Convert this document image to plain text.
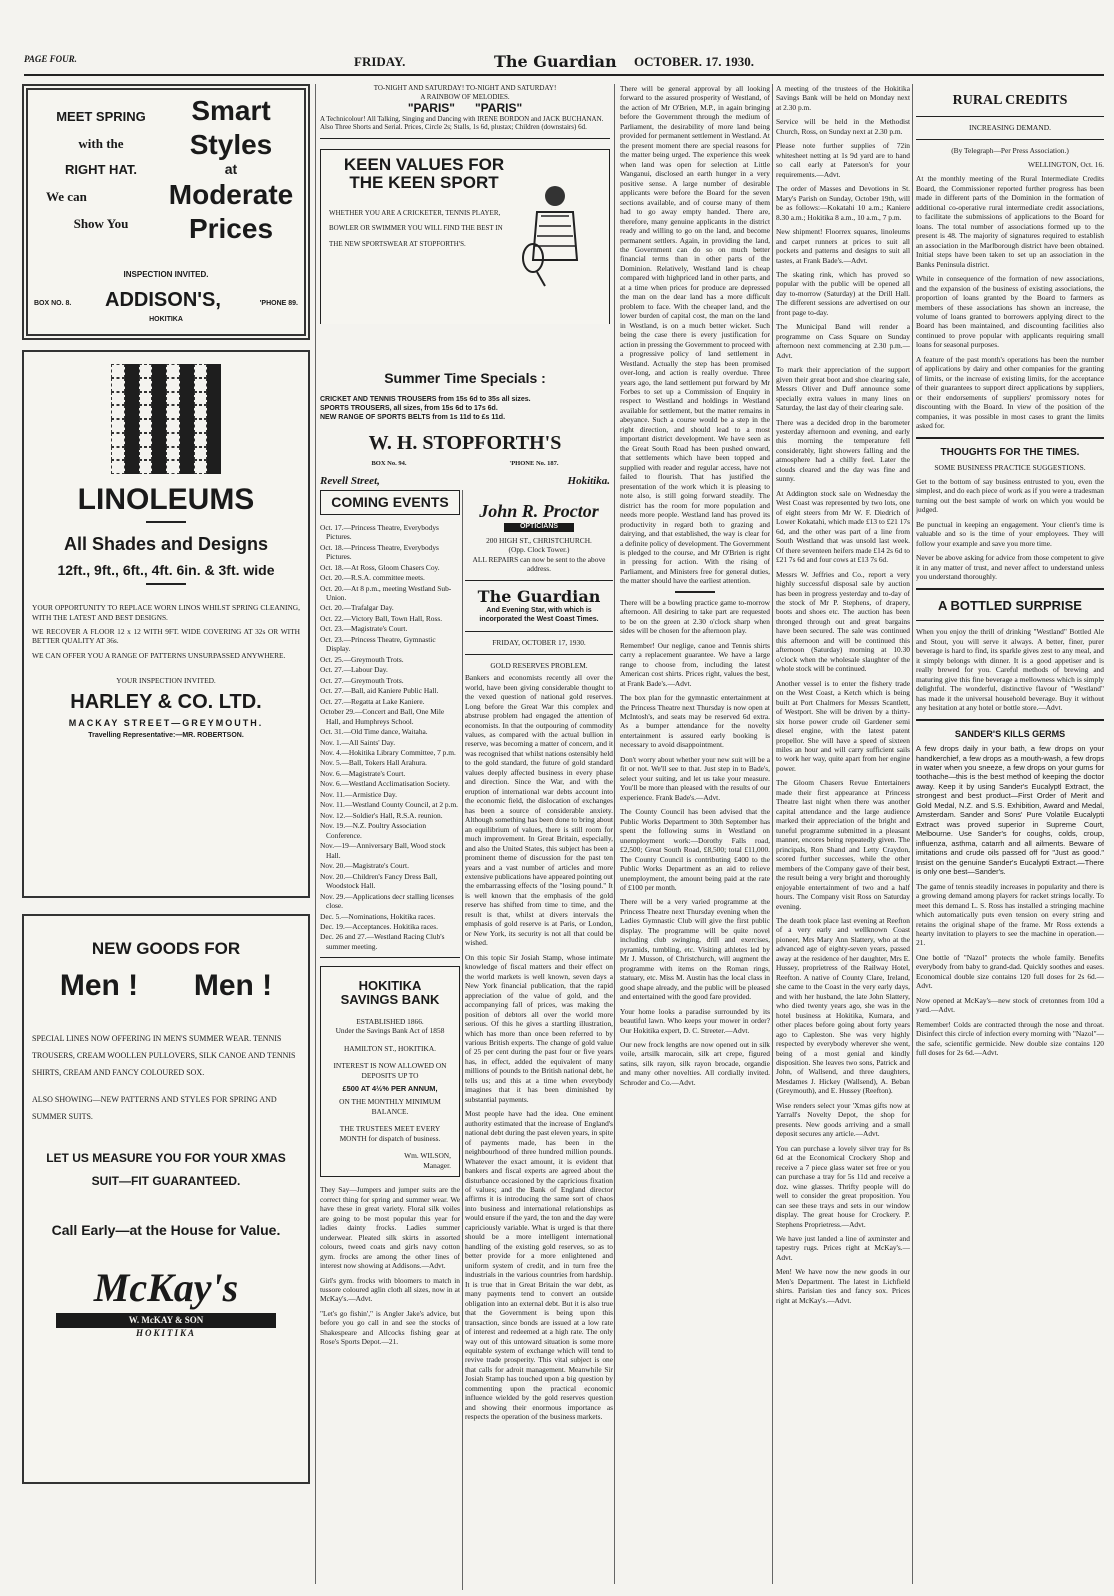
PAGE FOUR.	FRIDAY.	The Guardian OCTOBER. 17. 1930.
MEET SPRING
with the
RIGHT HAT.
We can
Show You
Smart
Styles
at
Moderate
Prices
INSPECTION INVITED.
BOX NO. 8.	ADDISON'S,	'PHONE 89.
HOKITIKA
LINOLEUMS
All Shades and Designs
12ft., 9ft., 6ft., 4ft. 6in. & 3ft. wide

YOUR OPPORTUNITY TO REPLACE WORN LINOS WHILST SPRING CLEANING, WITH THE LATEST AND BEST DESIGNS.

WE RECOVER A FLOOR 12 x 12 WITH 9FT. WIDE COVERING AT 32s OR WITH BETTER QUALITY AT 36s.

WE CAN OFFER YOU A RANGE OF PATTERNS UNSURPASSED ANYWHERE.

YOUR INSPECTION INVITED.

HARLEY & CO. LTD.
MACKAY STREET—GREYMOUTH.
Travelling Representative:—MR. ROBERTSON.
NEW GOODS FOR
Men ! Men !

SPECIAL LINES NOW OFFERING IN MEN'S SUMMER WEAR. TENNIS TROUSERS, CREAM WOOLLEN PULLOVERS, SILK CANOE AND TENNIS SHIRTS, CREAM AND FANCY COLOURED SOX.

ALSO SHOWING—NEW PATTERNS AND STYLES FOR SPRING AND SUMMER SUITS.

LET US MEASURE YOU FOR YOUR XMAS SUIT—FIT GUARANTEED.
Call Early—at the House for Value.
McKay's
W. McKAY & SON
HOKITIKA
TO-NIGHT AND SATURDAY! TO-NIGHT AND SATURDAY!
A RAINBOW OF MELODIES.
"PARIS"      "PARIS"

A Technicolour! All Talking, Singing and Dancing with IRENE BORDON and JACK BUCHANAN. Also Three Shorts and Serial. Prices, Circle 2s; Stalls, 1s 6d, plustax; Children (downstairs) 6d.

KEEN VALUES FOR THE KEEN SPORT

WHETHER YOU ARE A CRICKETER, TENNIS PLAYER, BOWLER OR SWIMMER YOU WILL FIND THE BEST IN THE NEW SPORTSWEAR AT STOPFORTH'S.

Summer Time Specials :
CRICKET AND TENNIS TROUSERS from 15s 6d to 35s all sizes.
SPORTS TROUSERS, all sizes, from 15s 6d to 17s 6d.
NEW RANGE OF SPORTS BELTS from 1s 11d to £s 11d.
W. H. STOPFORTH'S
BOX No. 94.	'PHONE No. 187.
Revell Street,	Hokitika.
COMING EVENTS

Oct. 17.—Princess Theatre, Everybodys Pictures.

Oct. 18.—Princess Theatre, Everybodys Pictures.

Oct. 18.—At Ross, Gloom Chasers Coy.

Oct. 20.—R.S.A. committee meets.

Oct. 20.—At 8 p.m., meeting Westland Sub-Union.

Oct. 20.—Trafalgar Day.

Oct. 22.—Victory Ball, Town Hall, Ross.

Oct. 23.—Magistrate's Court.

Oct. 23.—Princess Theatre, Gymnastic Display.

Oct. 25.—Greymouth Trots.

Oct. 27.—Labour Day.

Oct. 27.—Greymouth Trots.

Oct. 27.—Ball, aid Kaniere Public Hall.

Oct. 27.—Regatta at Lake Kaniere.

October 29.—Concert and Ball, One Mile Hall, and Humphreys School.

Oct. 31.—Old Time dance, Waitaha.

Nov. 1.—All Saints' Day.

Nov. 4.—Hokitika Library Committee, 7 p.m.

Nov. 5.—Ball, Tokers Hall Arahura.

Nov. 6.—Magistrate's Court.

Nov. 6.—Westland Acclimatisation Society.

Nov. 11.—Armistice Day.

Nov. 11.—Westland County Council, at 2 p.m.

Nov. 12.—Soldier's Hall, R.S.A. reunion.

Nov. 19.—N.Z. Poultry Association Conference.

Nov.—19—Anniversary Ball, Wood stock Hall.

Nov. 20.—Magistrate's Court.

Nov. 20.—Children's Fancy Dress Ball, Woodstock Hall.

Nov. 29.—Applications decr stalling licenses close.

Dec. 5.—Nominations, Hokitika races.

Dec. 19.—Acceptances. Hokitika races.

Dec. 26 and 27.—Westland Racing Club's summer meeting.

HOKITIKA
SAVINGS BANK
ESTABLISHED 1866.
Under the Savings Bank Act of 1858
HAMILTON ST., HOKITIKA.
INTEREST IS NOW ALLOWED ON DEPOSITS UP TO
£500 AT 4½% PER ANNUM,
ON THE MONTHLY MINIMUM BALANCE.
THE TRUSTEES MEET EVERY MONTH for dispatch of business.
Wm. WILSON,
Manager.

They Say—Jumpers and jumper suits are the correct thing for spring and summer wear. We have these in great variety. Floral silk voiles are going to be most popular this year for ladies dainty frocks. Ladies summer underwear. Pleated silk skirts in assorted colours, tweed coats and girls navy cotton gym. frocks are among the other lines of interest now showing at Addisons.—Advt.

Girl's gym. frocks with bloomers to match in tussore coloured aglin cloth all sizes, now in at McKay's.—Advt.

"Let's go fishin'," is Angler Jake's advice, but before you go call in and see the stocks of Shakespeare and Allcocks fishing gear at Rose's Sports Depot.—21.

John R. Proctor
OPTICIANS
200 HIGH ST., CHRISTCHURCH.
(Opp. Clock Tower.)

ALL REPAIRS can now be sent to the above address.

The Guardian
And Evening Star, with which is incorporated the West Coast Times.
FRIDAY, OCTOBER 17, 1930.
GOLD RESERVES PROBLEM.

Bankers and economists recently all over the world, have been giving considerable thought to the vexed question of national gold reserves. Long before the Great War this complex and abstruse problem had engaged the attention of economists. In that the outpouring of commodity values, as compared with the actual bullion in reserve, was becoming a matter of concern, and it was recognised that whilst nations ostensibly held to the gold standard, the future of gold standard values deeply affected business in every phase and direction. Since the War, and with the eruption of international war debts account into the economic field, the dislocation of exchanges has been a source of considerable anxiety. Although something has been done to bring about an equilibrium of values, there is still room for much improvement. In Great Britain, especially, and also the United States, this subject has been a prominent theme of discussion for the past ten years and a vast number of articles and more extensive publications have appeared pointing out the embarrassing effects of the "losing pound." It is well known that the emphasis of the gold reserve has shifted from time to time, and the result is that, whilst at divers intervals the emphasis of gold reserve is at Paris, or London, or New York, its security is not all that could be wished.

On this topic Sir Josiah Stamp, whose intimate knowledge of fiscal matters and their effect on the world markets is well known, seven days a New York financial publication, that the rapid appreciation of the value of gold, and the accompanying fall of prices, was making the position of debtors all over the world more serious. Of this he gives a startling illustration, which has more than once been referred to by various British experts. The change of gold value of 25 per cent during the past four or five years has, in effect, added the equivalent of many millions of pounds to the British national debt, he tells us; and this at a time when everybody imagines that it has been diminished by substantial payments.

Most people have had the idea. One eminent authority estimated that the increase of England's national debt during the past eleven years, in spite of payments made, has been in the neighbourhood of three hundred million pounds. Whatever the exact amount, it is evident that bankers and fiscal experts are agreed about the disturbance occasioned by the capricious fixation of values; and the Bank of England director affirms it is introducing the same sort of chaos into business and international relationships as would ensure if the yard, the ton and the day were capriciously variable. What is urged is that there should be a more intelligent international handling of the existing gold reserves, so as to better provide for a more enlightened and uniform system of credit, and in turn free the industrials in the various countries from hardship. It is true that in Great Britain the war debt, as many payments tend to convert an outside obligation into an external debt. But it is also true that the Government is being upon this transaction, since bonds are issued at a low rate of interest and redeemed at a high rate. The only way out of this untoward situation is some more equitable system of exchange which will tend to revive trade prosperity. This vital subject is one that calls for adroit management. Meanwhile Sir Josiah Stamp has touched upon a big question by commenting upon the practical economic influence wielded by the gold reserves question and showing their enormous importance as respects the operation of the business markets.

There will be general approval by all looking forward to the assured prosperity of Westland, of the action of Mr O'Brien, M.P., in again bringing before the Government through the medium of Parliament, the desirability of more land being provided for permanent settlement in Westland. At the present moment there are special reasons for the matter being urged. The experience this week when land was open for selection at Little Wanganui, disclosed an earth hunger in a very positive sense. A large number of desirable applicants were before the Board for the seven sections available, and of course many of them had to go away empty handed. There are, therefore, many genuine applicants in the district ready and willing to go on the land, and become permanent settlers. Again, in providing the land, the Government can do so on much better financial terms than in other parts of the Dominion. Relatively, Westland land is cheap compared with highpriced land in other parts, and at a time when prices for produce are depressed the man on the dear land has a more difficult problem to face. With the cheaper land, and the lower burden of capital cost, the man on the land in Westland, is on a much better wicket. Such being the case there is every justification for action in pressing the Government to proceed with a progressive policy of land settlement in Westland. Actually the step has been promised over-long, and action is really overdue. Three years ago, the land settlement put forward by Mr Forbes to set up a Commission of Enquiry in respect to Westland and holdings in Westland available for settlement, but the matter remains in abeyance. Such a course would be a step in the right direction, and should lead to a most important district development. We have seen as the Great South Road has been pushed onward, that settlements which have been topped and supplied with reader and regular access, have not failed to flourish. That has justified the presentation of the work which it is pleasing to note also, is still going forward steadily. The district has the room for more population and needs more people. Westland land has proved its productivity in regard both to grazing and dairying, and that established, the way is clear for a definite policy of development. The Government is pledged to the course, and Mr O'Brien is right in pressing for action. With the rising of Parliament, and Ministers free for general duties, the matter should have the earliest attention.

There will be a bowling practice game to-morrow afternoon. All desiring to take part are requested to be on the green at 2.30 o'clock sharp when sides will be chosen for the afternoon play.

Remember! Our neglige, canoe and Tennis shirts carry a replacement guarantee. We have a large range to choose from, including the latest American cost shirts. Prices right, values the best, at Frank Bade's.—Advt.

The box plan for the gymnastic entertainment at the Princess Theatre next Thursday is now open at McIntosh's, and seats may be reserved 6d extra. As a bumper attendance for the novelty entertainment is assured early booking is necessary to avoid disappointment.

Don't worry about whether your new suit will be a fit or not. We'll see to that. Just step in to Bade's, select your suiting, and let us take your measure. You'll be more than pleased with the results of our experience. Frank Bade's.—Advt.

The County Council has been advised that the Public Works Department to 30th September has spent the following sums in Westland on unemployment work:—Dorothy Falls road, £2,500; Great South Road, £8,500; total £11,000. The County Council is contributing £400 to the Public Works Department as an aid to relieve unemployment, the amount being paid at the rate of £100 per month.

There will be a very varied programme at the Princess Theatre next Thursday evening when the Ladies Gymnastic Club will give the first public display. The programme will be quite novel including club swinging, drill and exercises, pyramids, tumbling, etc. Visiting athletes led by Mr J. Musson, of Christchurch, will augment the programme with items on the Roman rings, statuary, etc. Miss M. Austin has the local class in good shape already, and the public will be pleased and entertained with the good fare provided.

Your home looks a paradise surrounded by its beautiful lawn. Who keeps your mower in order? Our Hokitika expert, D. C. Streeter.—Advt.

Our new frock lengths are now opened out in silk voile, artsilk marocain, silk art crepe, figured satins, silk rayon, silk rayon brocade, organdie and many other novelties. All cordially invited. Schroder and Co.—Advt.

A meeting of the trustees of the Hokitika Savings Bank will be held on Monday next at 2.30 p.m.

Service will be held in the Methodist Church, Ross, on Sunday next at 2.30 p.m.

Please note further supplies of 72in whitesheet netting at 1s 9d yard are to hand so call early at Paterson's for your requirements.—Advt.

The order of Masses and Devotions in St. Mary's Parish on Sunday, October 19th, will be as follows:—Kokatahi 10 a.m.; Kaniere 8.30 a.m.; Hokitika 8 a.m., 10 a.m., 7 p.m.

New shipment! Floorrex squares, linoleums and carpet runners at prices to suit all pockets and patterns and designs to suit all tastes, at Frank Bade's.—Advt.

The skating rink, which has proved so popular with the public will be opened all day to-morrow (Saturday) at the Drill Hall. The different sessions are advertised on our front page to-day.

The Municipal Band will render a programme on Cass Square on Sunday afternoon next commencing at 2.30 p.m.—Advt.

To mark their appreciation of the support given their great boot and shoe clearing sale, Messrs Oliver and Duff announce some specially extra values in many lines on Saturday, the last day of their clearing sale.

There was a decided drop in the barometer yesterday afternoon and evening, and early this morning the temperature fell considerably, light showers falling and the atmosphere had a chilly feel. Later the clouds cleared and the day was fine and sunny.

At Addington stock sale on Wednesday the West Coast was represented by two lots, one of eight steers from Mr W. F. Diedrich of Lower Kokatahi, which made £13 to £21 17s 6d, and the other was part of a line from South Westland that was unsold last week. Of there seventeen heifers made £14 2s 6d to £21 7s 6d and four cows at £13 7s 6d.

Messrs W. Jeffries and Co., report a very highly successful disposal sale by auction has been in progress yesterday and to-day of the stock of Mr P. Stephens, of drapery, boots and shoes etc. The auction has been thronged through out and great bargains have been secured. The sale was continued this afternoon and will be continued this afternoon (Saturday) morning at 10.30 o'clock when the wholesale slaughter of the whole stock will be continued.

Another vessel is to enter the fishery trade on the West Coast, a Ketch which is being built at Port Chalmers for Messrs Scantlett, of Westport. She will be driven by a thirty-six horse power crude oil Gardener semi diesel engine, with the latest patent propellor. She will have a speed of sixteen miles an hour and will carry sufficient sails to work her way, quite apart from her engine power.

The Gloom Chasers Revue Entertainers made their first appearance at Princess Theatre last night when there was another capital attendance and the large audience marked their appreciation of the bright and tuneful programme submitted in a pleasant manner, encores being repeatedly given. The principals, Ron Shand and Letty Craydon, scored further successes, while the other members of the Company gave of their best, the result being a very bright and thoroughly enjoyable entertainment of two and a half hours. The Company visit Ross on Saturday evening.

The death took place last evening at Reefton of a very early and wellknown Coast pioneer, Mrs Mary Ann Slattery, who at the advanced age of eighty-seven years, passed away at the residence of her daughter, Mrs E. Hussey, proprietress of the Railway Hotel, Reefton. A native of County Clare, Ireland, she came to the Coast in the very early days, and with her husband, the late John Slattery, who died twenty years ago, she was in the hotel business at Hokitika, Kumara, and other places before going about forty years ago to Capleston. She was very highly respected by everybody wherever she went, being of a most genial and kindly disposition. She leaves two sons, Patrick and John, of Wallsend, and three daughters, Mesdames J. Hickey (Wallsend), A. Beban (Greymouth), and E. Hussey (Reefton).

Wise renders select your 'Xmas gifts now at Yarrall's Novelty Depot, the shop for presents. New goods arriving and a small deposit secures any article.—Advt.

You can purchase a lovely silver tray for 8s 6d at the Economical Crockery Shop and receive a 7 piece glass water set free or you can purchase a tray for 5s 11d and receive a doz. wine glasses. Thrifty people will do well to consider the great proposition. You can see these trays and sets in our window display. The great house for Crockery. P. Stephens Proprietress.—Advt.

We have just landed a line of axminster and tapestry rugs. Prices right at McKay's.—Advt.

Men! We have now the new goods in our Men's Department. The latest in Lichfield shirts. Parisian ties and fancy sox. Prices right at McKay's.—Advt.

RURAL CREDITS
INCREASING DEMAND.

(By Telegraph—Per Press Association.)

WELLINGTON, Oct. 16.

At the monthly meeting of the Rural Intermediate Credits Board, the Commissioner reported further progress has been made in different parts of the Dominion in the formation of additional co-operative rural intermediate credit associations, to facilitate the submissions of applications to the Board for loans. The total number of associations formed up to the present is 48. The majority of signatures required to establish an association in the Marlborough district have been obtained. Initial steps have been taken to set up an association in the Banks Peninsula district.

While in consequence of the formation of new associations, and the expansion of the business of existing associations, the proportion of loans granted by the Board to farmers as members of these associations has shown an increase, the volume of loans granted to borrowers applying direct to the Board has been maintained, and discounting facilities also continued to prove popular with applicants requiring small loans for seasonal purposes.

A feature of the past month's operations has been the number of applications by dairy and other companies for the granting of limits, or the increase of existing limits, for the acceptance of their guarantees to support direct applications by suppliers, or their endorsements of suppliers' promissory notes for discounting with the Board. In view of the position of the companies, it was possible in most cases to grant the limits asked for.

THOUGHTS FOR THE TIMES.
SOME BUSINESS PRACTICE SUGGESTIONS.

Get to the bottom of say business entrusted to you, even the simplest, and do each piece of work as if you were a tradesman turning out the best sample of work on which you would be judged.

Be punctual in keeping an engagement. Your client's time is valuable and so is the time of your employees. They will follow your example and save you more time.

Never be above asking for advice from those competent to give it in any matter of trust, and never affect to understand unless you understand thoroughly.

A BOTTLED SURPRISE

When you enjoy the thrill of drinking "Westland" Bottled Ale and Stout, you will serve it always. A better, finer, purer beverage is hard to find, its sparkle gives zest to any meal, and it simply belongs with dinner. It is a good appetiser and is really brewed for you. Careful methods of brewing and maturing give this fine beverage a mellowness which is simply delightful. The wonderful, distinctive flavour of "Westland" has made it the universal household beverage. Buy it without any hesitation at any hotel or bottle store.—Advt.

SANDER'S KILLS GERMS

A few drops daily in your bath, a few drops on your handkerchief, a few drops as a mouth-wash, a few drops in water when you sneeze, a few drops on your gums for toothache—this is the best method of keeping the doctor away. Keep it by using Sander's Eucalyptl Extract, the strongest and best product—First Order of Merit and Gold Medal, N.Z. and S.S. Exhibition, Award and Medal, Amsterdam. Sander and Sons' Pure Volatile Eucalypti Extract was proved superior in Supreme Court, Melbourne. Use Sander's for coughs, colds, croup, influenza, asthma, catarrh and all ailments. Beware of imitations and crude oils passed off for "Just as good." Insist on the genuine Sander's Eucalypti Extract.—There is only one best—Sander's.

The game of tennis steadily increases in popularity and there is a growing demand among players for racket strings locally. To meet this demand L. S. Ross has installed a stringing machine which automatically puts even tension on every string and retains the original shape of the frame. Mr Ross extends a hearty invitation to players to see the machine in operation.—21.

One bottle of "Nazol" protects the whole family. Benefits everybody from baby to grand-dad. Quickly soothes and eases. Economical double size contains 120 full doses for 2s 6d.—Advt.

Now opened at McKay's—new stock of cretonnes from 10d a yard.—Advt.

Remember! Colds are contracted through the nose and throat. Disinfect this circle of infection every morning with "Nazol"—the safe, scientific germicide. New double size contains 120 full doses for 2s 6d.—Advt.
